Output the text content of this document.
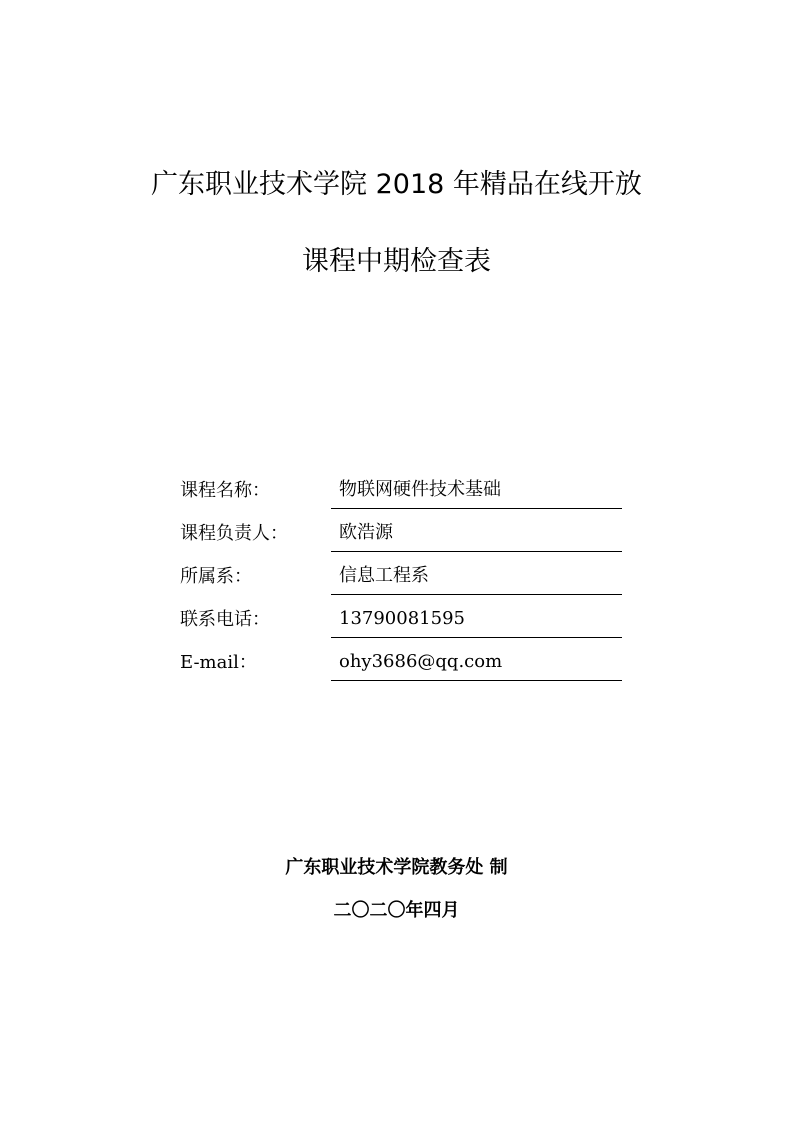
广东职业技术学院 2018 年精品在线开放
课程中期检查表
课程名称：	物联网硬件技术基础
课程负责人：	欧浩源
所属系：	信息工程系
联系电话：	13790081595
E-mail：	ohy3686@qq.com
广东职业技术学院教务处 制
二〇二〇年四月
